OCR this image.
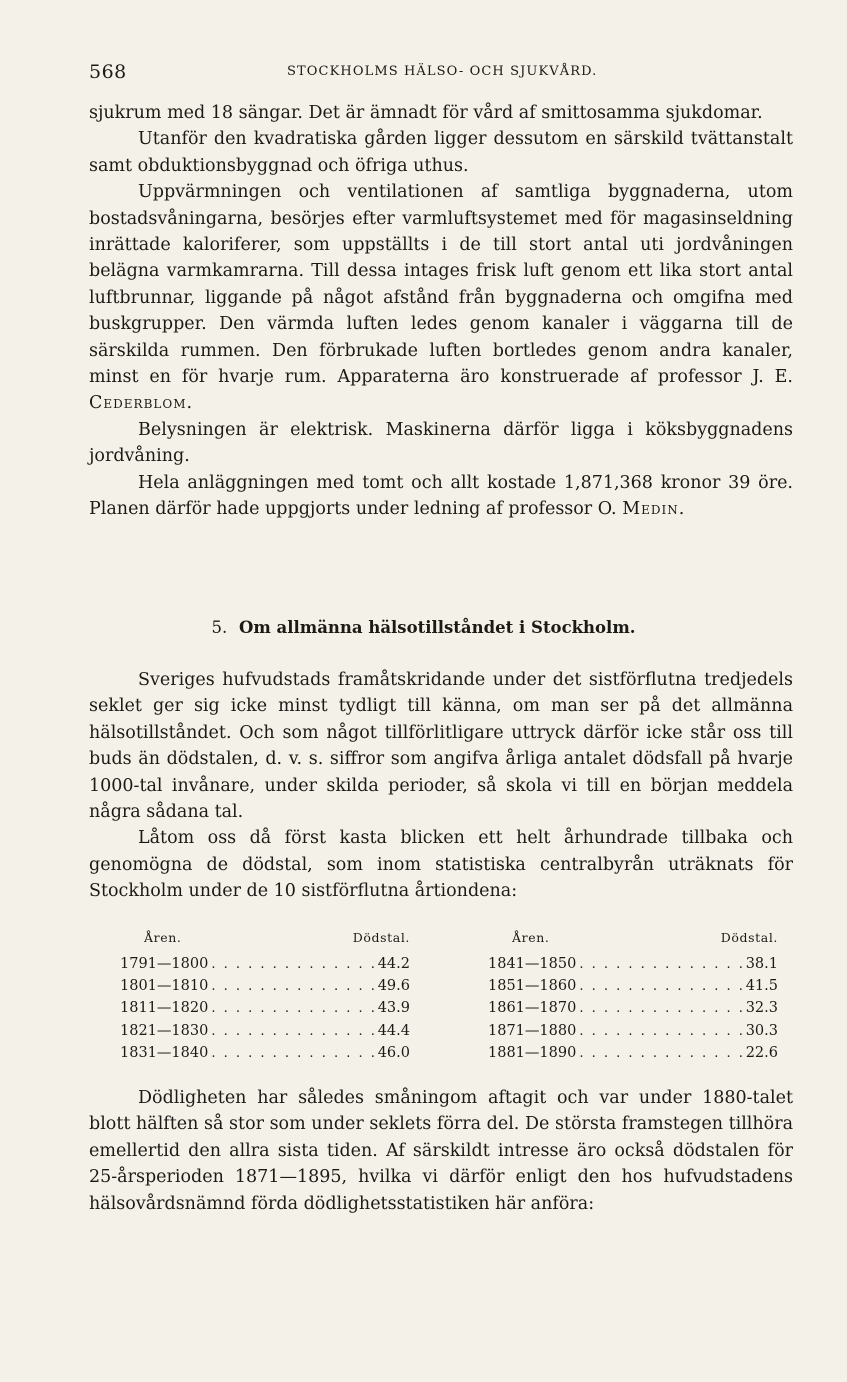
568	STOCKHOLMS HÄLSO- OCH SJUKVÅRD.

sjukrum med 18 sängar. Det är ämnadt för vård af smittosamma sjukdomar.

Utanför den kvadratiska gården ligger dessutom en särskild tvättanstalt samt obduktionsbyggnad och öfriga uthus.

Uppvärmningen och ventilationen af samtliga byggnaderna, utom bostadsvåningarna, besörjes efter varmluftsystemet med för magasinseldning inrättade kaloriferer, som uppställts i de till stort antal uti jordvåningen belägna varmkamrarna. Till dessa intages frisk luft genom ett lika stort antal luftbrunnar, liggande på något afstånd från byggnaderna och omgifna med buskgrupper. Den värmda luften ledes genom kanaler i väggarna till de särskilda rummen. Den förbrukade luften bortledes genom andra kanaler, minst en för hvarje rum. Apparaterna äro konstruerade af professor J. E. Cederblom.

Belysningen är elektrisk. Maskinerna därför ligga i köksbyggnadens jordvåning.

Hela anläggningen med tomt och allt kostade 1,871,368 kronor 39 öre. Planen därför hade uppgjorts under ledning af professor O. Medin.

5. Om allmänna hälsotillståndet i Stockholm.

Sveriges hufvudstads framåtskridande under det sistförflutna tredjedels seklet ger sig icke minst tydligt till känna, om man ser på det allmänna hälsotillståndet. Och som något tillförlitligare uttryck därför icke står oss till buds än dödstalen, d. v. s. siffror som angifva årliga antalet dödsfall på hvarje 1000-tal invånare, under skilda perioder, så skola vi till en början meddela några sådana tal.

Låtom oss då först kasta blicken ett helt århundrade tillbaka och genomögna de dödstal, som inom statistiska centralbyrån uträknats för Stockholm under de 10 sistförflutna årtiondena:

Åren.	Dödstal.
1791—1800 . . .	44.2
1801—1810 . . .	49.6
1811—1820 . . .	43.9
1821—1830 . . .	44.4
1831—1840 . . .	46.0
Åren.	Dödstal.
1841—1850 . . .	38.1
1851—1860 . . .	41.5
1861—1870 . . .	32.3
1871—1880 . . .	30.3
1881—1890 . . .	22.6

Dödligheten har således småningom aftagit och var under 1880-talet blott hälften så stor som under seklets förra del. De största framstegen tillhöra emellertid den allra sista tiden. Af särskildt intresse äro också dödstalen för 25-årsperioden 1871—1895, hvilka vi därför enligt den hos hufvudstadens hälsovårdsnämnd förda dödlighetsstatistiken här anföra:
